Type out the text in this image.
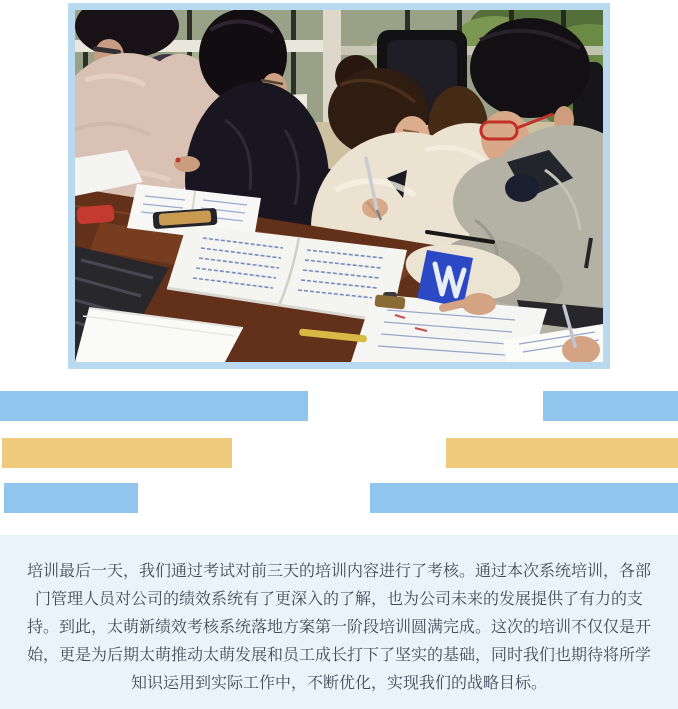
培训最后一天，我们通过考试对前三天的培训内容进行了考核。通过本次系统培训，各部门管理人员对公司的绩效系统有了更深入的了解，也为公司未来的发展提供了有力的支持。到此，太萌新绩效考核系统落地方案第一阶段培训圆满完成。这次的培训不仅仅是开始，更是为后期太萌推动太萌发展和员工成长打下了坚实的基础，同时我们也期待将所学知识运用到实际工作中，不断优化，实现我们的战略目标。
